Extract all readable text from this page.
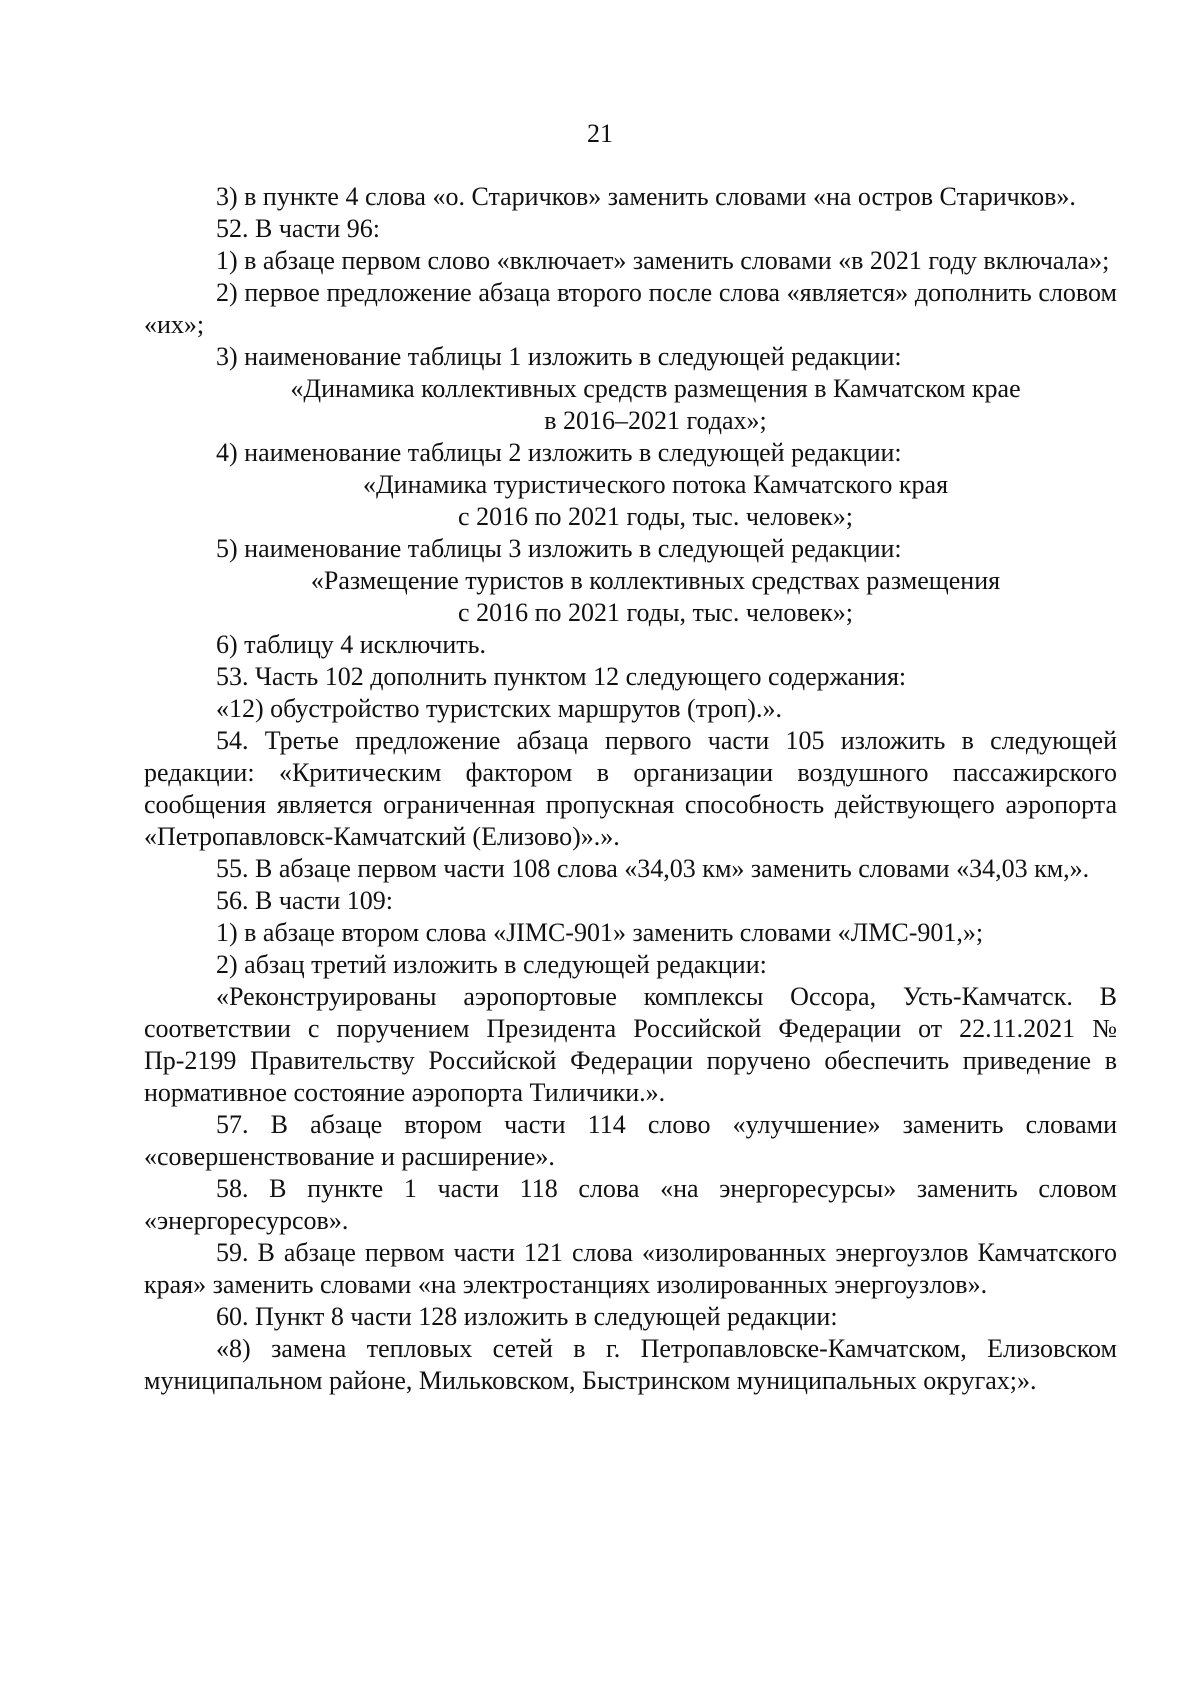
21

3) в пункте 4 слова «о. Старичков» заменить словами «на остров Старичков».

52. В части 96:

1) в абзаце первом слово «включает» заменить словами «в 2021 году включала»;

2) первое предложение абзаца второго после слова «является» дополнить словом «их»;

3) наименование таблицы 1 изложить в следующей редакции:

«Динамика коллективных средств размещения в Камчатском крае

в 2016–2021 годах»;

4) наименование таблицы 2 изложить в следующей редакции:

«Динамика туристического потока Камчатского края

с 2016 по 2021 годы, тыс. человек»;

5) наименование таблицы 3 изложить в следующей редакции:

«Размещение туристов в коллективных средствах размещения

с 2016 по 2021 годы, тыс. человек»;

6) таблицу 4 исключить.

53. Часть 102 дополнить пунктом 12 следующего содержания:

«12) обустройство туристских маршрутов (троп).».

54. Третье предложение абзаца первого части 105 изложить в следующей редакции: «Критическим фактором в организации воздушного пассажирского сообщения является ограниченная пропускная способность действующего аэропорта «Петропавловск-Камчатский (Елизово)».».

55. В абзаце первом части 108 слова «34,03 км» заменить словами «34,03 км,».

56. В части 109:

1) в абзаце втором слова «JIMC-901» заменить словами «ЛМС-901,»;

2) абзац третий изложить в следующей редакции:

«Реконструированы аэропортовые комплексы Оссора, Усть-Камчатск. В соответствии с поручением Президента Российской Федерации от 22.11.2021 № Пр-2199 Правительству Российской Федерации поручено обеспечить приведение в нормативное состояние аэропорта Тиличики.».

57. В абзаце втором части 114 слово «улучшение» заменить словами «совершенствование и расширение».

58. В пункте 1 части 118 слова «на энергоресурсы» заменить словом «энергоресурсов».

59. В абзаце первом части 121 слова «изолированных энергоузлов Камчатского края» заменить словами «на электростанциях изолированных энергоузлов».

60. Пункт 8 части 128 изложить в следующей редакции:

«8) замена тепловых сетей в г. Петропавловске-Камчатском, Елизовском муниципальном районе, Мильковском, Быстринском муниципальных округах;».
